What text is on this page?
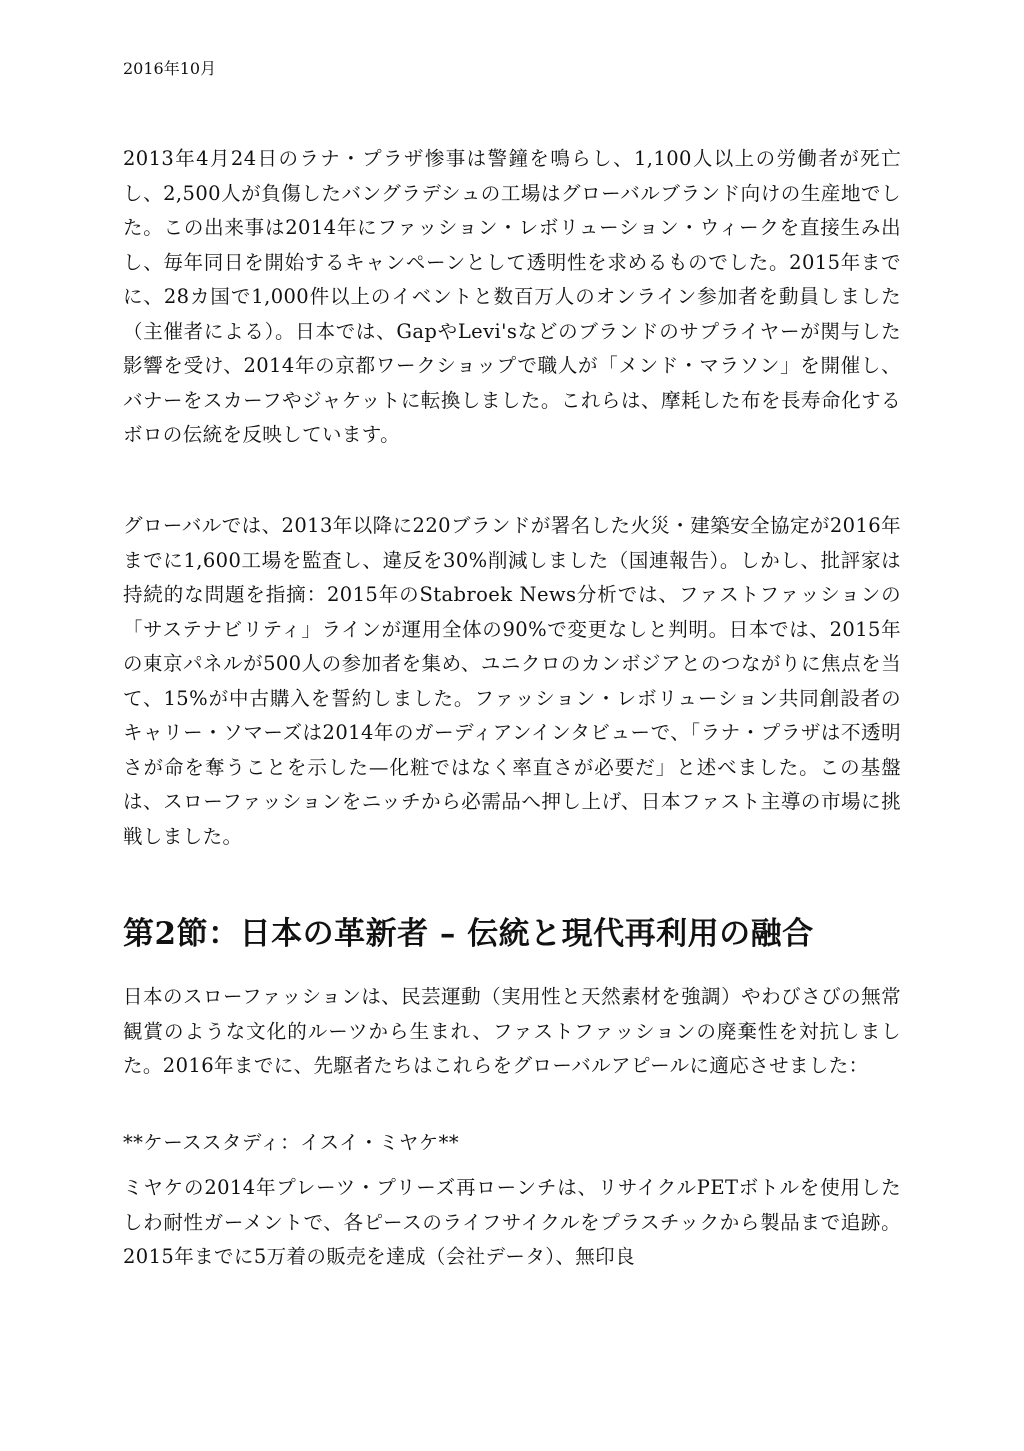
2016年10月

2013年4月24日のラナ・プラザ惨事は警鐘を鳴らし、1,100人以上の労働者が死亡し、2,500人が負傷したバングラデシュの工場はグローバルブランド向けの生産地でした。この出来事は2014年にファッション・レボリューション・ウィークを直接生み出し、毎年同日を開始するキャンペーンとして透明性を求めるものでした。2015年までに、28カ国で1,000件以上のイベントと数百万人のオンライン参加者を動員しました（主催者による）。日本では、GapやLevi'sなどのブランドのサプライヤーが関与した影響を受け、2014年の京都ワークショップで職人が「メンド・マラソン」を開催し、バナーをスカーフやジャケットに転換しました。これらは、摩耗した布を長寿命化するボロの伝統を反映しています。

グローバルでは、2013年以降に220ブランドが署名した火災・建築安全協定が2016年までに1,600工場を監査し、違反を30%削減しました（国連報告）。しかし、批評家は持続的な問題を指摘：2015年のStabroek News分析では、ファストファッションの「サステナビリティ」ラインが運用全体の90%で変更なしと判明。日本では、2015年の東京パネルが500人の参加者を集め、ユニクロのカンボジアとのつながりに焦点を当て、15%が中古購入を誓約しました。ファッション・レボリューション共同創設者のキャリー・ソマーズは2014年のガーディアンインタビューで、「ラナ・プラザは不透明さが命を奪うことを示した—化粧ではなく率直さが必要だ」と述べました。この基盤は、スローファッションをニッチから必需品へ押し上げ、日本ファスト主導の市場に挑戦しました。

第2節：日本の革新者 – 伝統と現代再利用の融合

日本のスローファッションは、民芸運動（実用性と天然素材を強調）やわびさびの無常観賞のような文化的ルーツから生まれ、ファストファッションの廃棄性を対抗しました。2016年までに、先駆者たちはこれらをグローバルアピールに適応させました：

**ケーススタディ：イスイ・ミヤケ**

ミヤケの2014年プレーツ・プリーズ再ローンチは、リサイクルPETボトルを使用したしわ耐性ガーメントで、各ピースのライフサイクルをプラスチックから製品まで追跡。2015年までに5万着の販売を達成（会社データ）、無印良
